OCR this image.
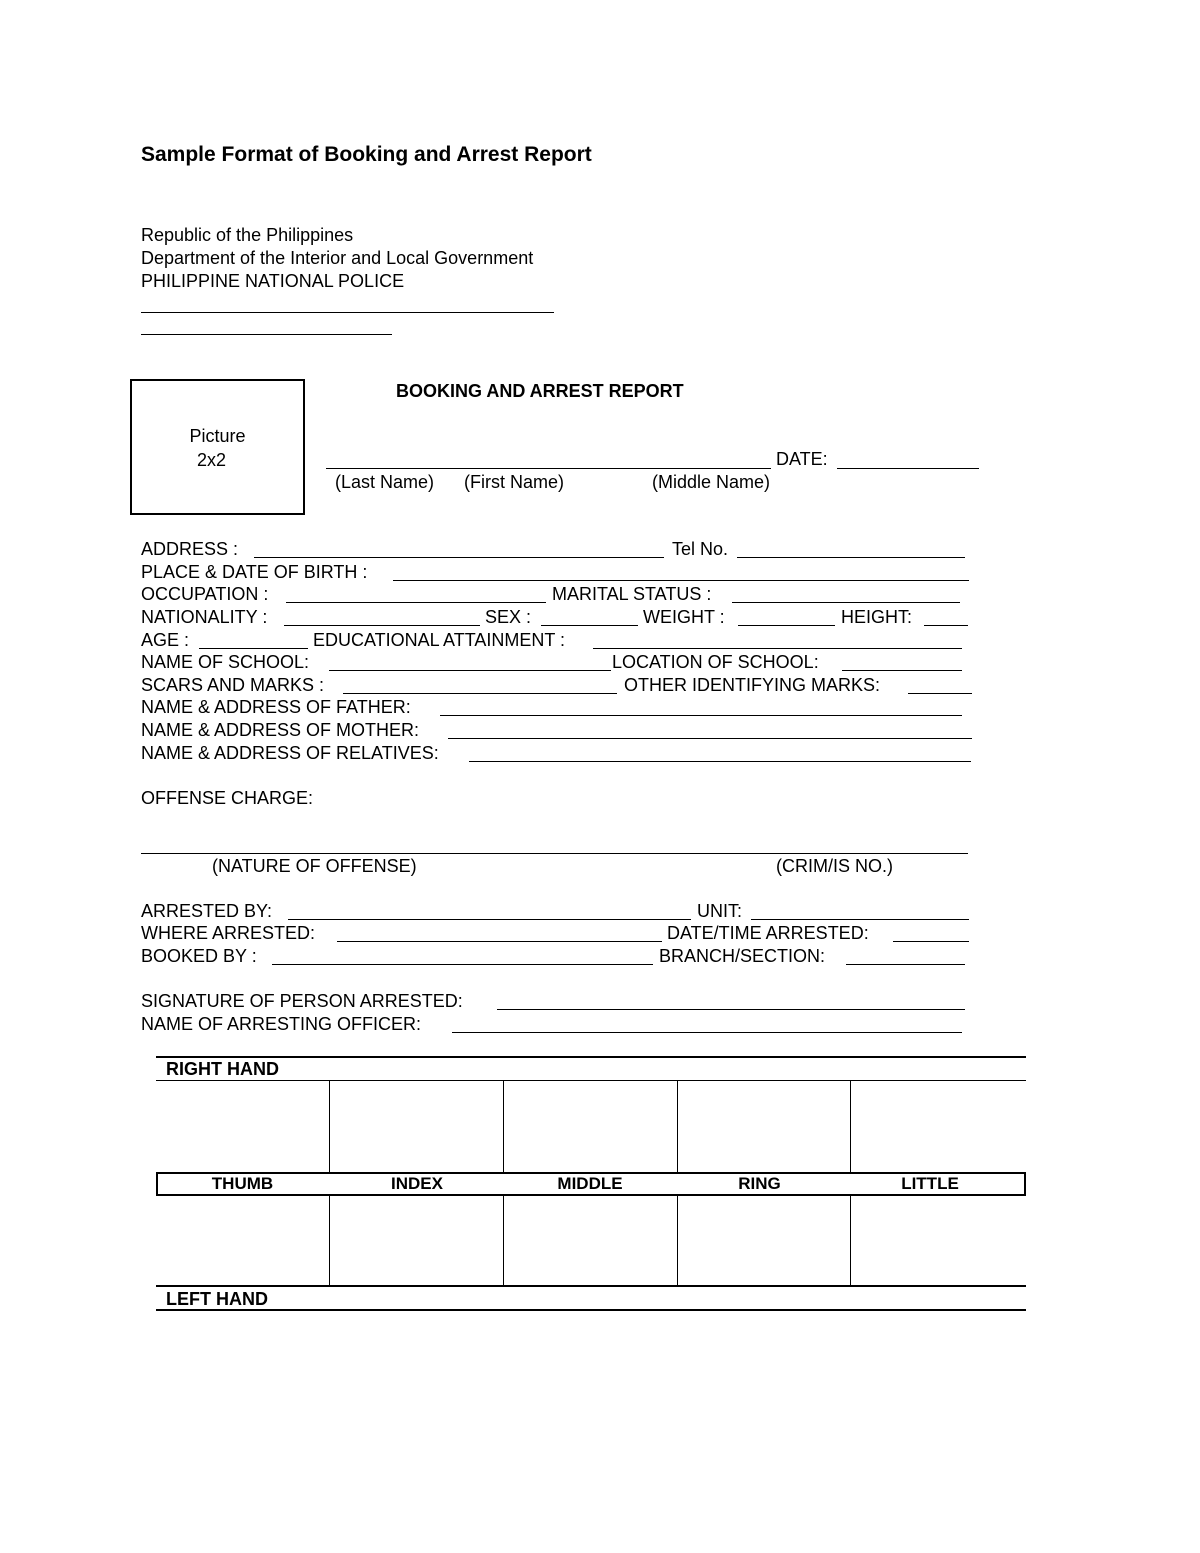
Sample Format of Booking and Arrest Report
Republic of the Philippines
Department of the Interior and Local Government
PHILIPPINE NATIONAL POLICE
Picture
2x2
BOOKING AND ARREST REPORT
DATE:
(Last Name) (First Name)	(Middle Name)
ADDRESS :	Tel No.
PLACE & DATE OF BIRTH :
OCCUPATION :	MARITAL STATUS :
NATIONALITY :	SEX :	WEIGHT :	HEIGHT:
AGE :	EDUCATIONAL ATTAINMENT :
NAME OF SCHOOL:	LOCATION OF SCHOOL:
SCARS AND MARKS :	OTHER IDENTIFYING MARKS:
NAME & ADDRESS OF FATHER:
NAME & ADDRESS OF MOTHER:
NAME & ADDRESS OF RELATIVES:
OFFENSE CHARGE:
(NATURE OF OFFENSE)	(CRIM/IS NO.)
ARRESTED BY:	UNIT:
WHERE ARRESTED:	DATE/TIME ARRESTED:
BOOKED BY :	BRANCH/SECTION:
SIGNATURE OF PERSON ARRESTED:
NAME OF ARRESTING OFFICER:
RIGHT HAND
THUMB	INDEX	MIDDLE	RING	LITTLE
LEFT HAND
